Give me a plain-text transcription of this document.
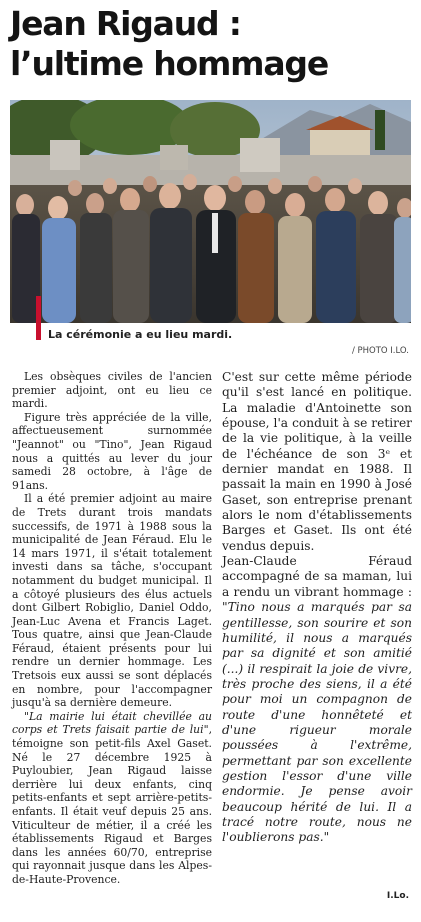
Jean Rigaud :
l’ultime hommage
La cérémonie a eu lieu mardi.
/ PHOTO I.LO.

Les obsèques civiles de l'ancien premier adjoint, ont eu lieu ce mardi.

Figure très appréciée de la ville, affectueusement surnommée "Jeannot" ou "Tino", Jean Rigaud nous a quittés au lever du jour samedi 28 octobre, à l'âge de 91ans.

Il a été premier adjoint au maire de Trets durant trois mandats successifs, de 1971 à 1988 sous la municipalité de Jean Féraud. Elu le 14 mars 1971, il s'était totalement investi dans sa tâche, s'occupant notamment du budget municipal. Il a côtoyé plusieurs des élus actuels dont Gilbert Robiglio, Daniel Oddo, Jean-Luc Avena et Francis Laget. Tous quatre, ainsi que Jean-Claude Féraud, étaient présents pour lui rendre un dernier hommage. Les Tretsois eux aussi se sont déplacés en nombre, pour l'accompagner jusqu'à sa dernière demeure.

"La mairie lui était chevillée au corps et Trets faisait partie de lui", témoigne son petit-fils Axel Gaset. Né le 27 décembre 1925 à Puyloubier, Jean Rigaud laisse derrière lui deux enfants, cinq petits-enfants et sept arrière-petits-enfants. Il était veuf depuis 25 ans. Viticulteur de métier, il a créé les établissements Rigaud et Barges dans les années 60/70, entreprise qui rayonnait jusque dans les Alpes-de-Haute-Provence.

C'est sur cette même période qu'il s'est lancé en politique. La maladie d'Antoinette son épouse, l'a conduit à se retirer de la vie politique, à la veille de l'échéance de son 3ᵉ et dernier mandat en 1988. Il passait la main en 1990 à José Gaset, son entreprise prenant alors le nom d'établissements Barges et Gaset. Ils ont été vendus depuis.

Jean-Claude Féraud accompagné de sa maman, lui a rendu un vibrant hommage : "Tino nous a marqués par sa gentillesse, son sourire et son humilité, il nous a marqués par sa dignité et son amitié (...) il respirait la joie de vivre, très proche des siens, il a été pour moi un compagnon de route d'une honnêteté et d'une rigueur morale poussées à l'extrême, permettant par son excellente gestion l'essor d'une ville endormie. Je pense avoir beaucoup hérité de lui. Il a tracé notre route, nous ne l'oublierons pas."

I.Lo.
